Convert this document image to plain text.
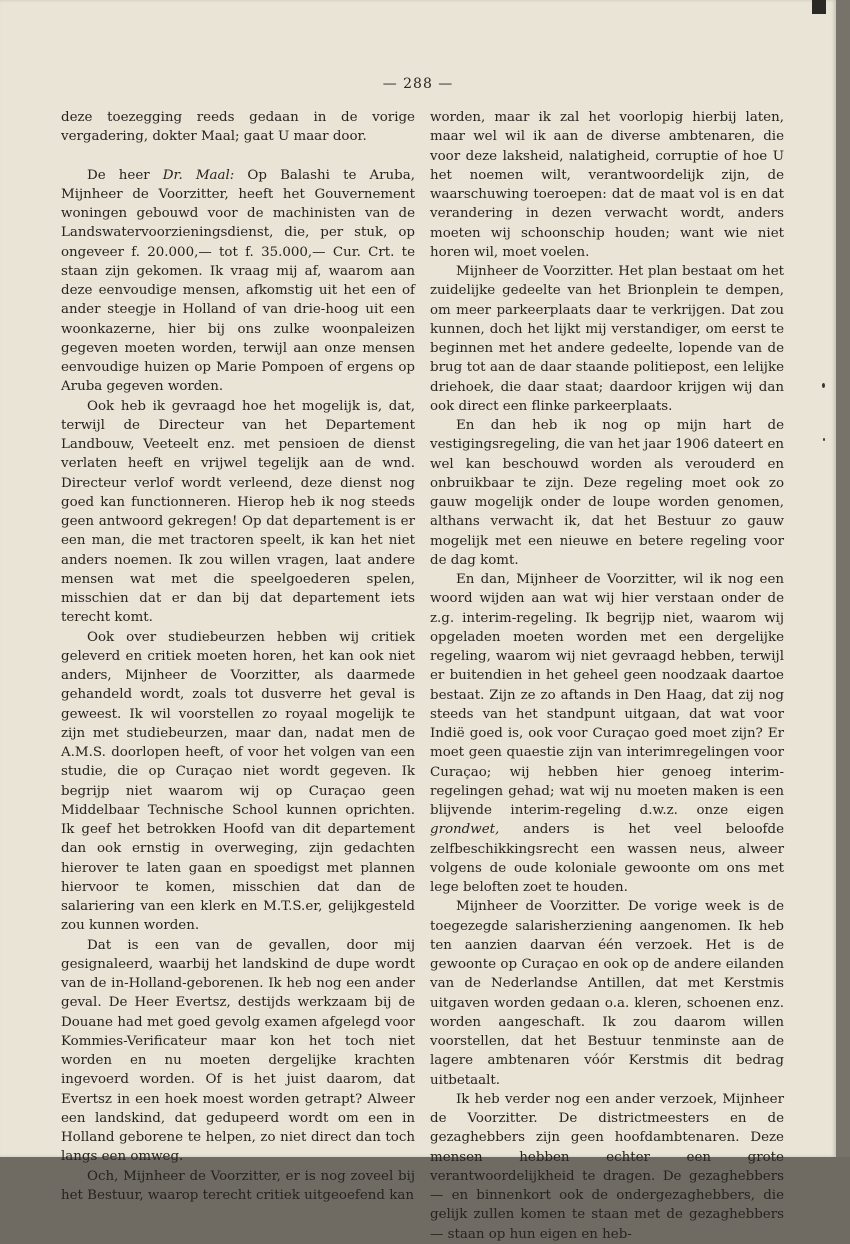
— 288 —

deze toezegging reeds gedaan in de vorige vergadering, dokter Maal; gaat U maar door.

De heer Dr. Maal: Op Balashi te Aruba, Mijnheer de Voorzitter, heeft het Gouvernement woningen gebouwd voor de machinisten van de Landswatervoorzieningsdienst, die, per stuk, op ongeveer f. 20.000,— tot f. 35.000,— Cur. Crt. te staan zijn gekomen. Ik vraag mij af, waarom aan deze eenvoudige mensen, afkomstig uit het een of ander steegje in Holland of van drie-hoog uit een woonkazerne, hier bij ons zulke woonpaleizen gegeven moeten worden, terwijl aan onze mensen eenvoudige huizen op Marie Pompoen of ergens op Aruba gegeven worden.

Ook heb ik gevraagd hoe het mogelijk is, dat, terwijl de Directeur van het Departement Landbouw, Veeteelt enz. met pensioen de dienst verlaten heeft en vrijwel tegelijk aan de wnd. Directeur verlof wordt verleend, deze dienst nog goed kan functionneren. Hierop heb ik nog steeds geen antwoord gekregen! Op dat departement is er een man, die met tractoren speelt, ik kan het niet anders noemen. Ik zou willen vragen, laat andere mensen wat met die speelgoederen spelen, misschien dat er dan bij dat departement iets terecht komt.

Ook over studiebeurzen hebben wij critiek geleverd en critiek moeten horen, het kan ook niet anders, Mijnheer de Voorzitter, als daarmede gehandeld wordt, zoals tot dusverre het geval is geweest. Ik wil voorstellen zo royaal mogelijk te zijn met studiebeurzen, maar dan, nadat men de A.M.S. doorlopen heeft, of voor het volgen van een studie, die op Curaçao niet wordt gegeven. Ik begrijp niet waarom wij op Curaçao geen Middelbaar Technische School kunnen oprichten. Ik geef het betrokken Hoofd van dit departement dan ook ernstig in overweging, zijn gedachten hierover te laten gaan en spoedigst met plannen hiervoor te komen, misschien dat dan de salariering van een klerk en M.T.S.er, gelijkgesteld zou kunnen worden.

Dat is een van de gevallen, door mij gesignaleerd, waarbij het landskind de dupe wordt van de in-Holland-geborenen. Ik heb nog een ander geval. De Heer Evertsz, destijds werkzaam bij de Douane had met goed gevolg examen afgelegd voor Kommies-Verificateur maar kon het toch niet worden en nu moeten dergelijke krachten ingevoerd worden. Of is het juist daarom, dat Evertsz in een hoek moest worden getrapt? Alweer een landskind, dat gedupeerd wordt om een in Holland geborene te helpen, zo niet direct dan toch langs een omweg.

Och, Mijnheer de Voorzitter, er is nog zoveel bij het Bestuur, waarop terecht critiek uitgeoefend kan

worden, maar ik zal het voorlopig hierbij laten, maar wel wil ik aan de diverse ambtenaren, die voor deze laksheid, nalatigheid, corruptie of hoe U het noemen wilt, verantwoordelijk zijn, de waarschuwing toeroepen: dat de maat vol is en dat verandering in dezen verwacht wordt, anders moeten wij schoonschip houden; want wie niet horen wil, moet voelen.

Mijnheer de Voorzitter. Het plan bestaat om het zuidelijke gedeelte van het Brionplein te dempen, om meer parkeerplaats daar te verkrijgen. Dat zou kunnen, doch het lijkt mij verstandiger, om eerst te beginnen met het andere gedeelte, lopende van de brug tot aan de daar staande politiepost, een lelijke driehoek, die daar staat; daardoor krijgen wij dan ook direct een flinke parkeerplaats.

En dan heb ik nog op mijn hart de vestigingsregeling, die van het jaar 1906 dateert en wel kan beschouwd worden als verouderd en onbruikbaar te zijn. Deze regeling moet ook zo gauw mogelijk onder de loupe worden genomen, althans verwacht ik, dat het Bestuur zo gauw mogelijk met een nieuwe en betere regeling voor de dag komt.

En dan, Mijnheer de Voorzitter, wil ik nog een woord wijden aan wat wij hier verstaan onder de z.g. interim-regeling. Ik begrijp niet, waarom wij opgeladen moeten worden met een dergelijke regeling, waarom wij niet gevraagd hebben, terwijl er buitendien in het geheel geen noodzaak daartoe bestaat. Zijn ze zo aftands in Den Haag, dat zij nog steeds van het standpunt uitgaan, dat wat voor Indië goed is, ook voor Curaçao goed moet zijn? Er moet geen quaestie zijn van interimregelingen voor Curaçao; wij hebben hier genoeg interim-regelingen gehad; wat wij nu moeten maken is een blijvende interim-regeling d.w.z. onze eigen grondwet, anders is het veel beloofde zelfbeschikkingsrecht een wassen neus, alweer volgens de oude koloniale gewoonte om ons met lege beloften zoet te houden.

Mijnheer de Voorzitter. De vorige week is de toegezegde salarisherziening aangenomen. Ik heb ten aanzien daarvan één verzoek. Het is de gewoonte op Curaçao en ook op de andere eilanden van de Nederlandse Antillen, dat met Kerstmis uitgaven worden gedaan o.a. kleren, schoenen enz. worden aangeschaft. Ik zou daarom willen voorstellen, dat het Bestuur tenminste aan de lagere ambtenaren vóór Kerstmis dit bedrag uitbetaalt.

Ik heb verder nog een ander verzoek, Mijnheer de Voorzitter. De districtmeesters en de gezaghebbers zijn geen hoofdambtenaren. Deze mensen hebben echter een grote verantwoordelijkheid te dragen. De gezaghebbers — en binnenkort ook de ondergezaghebbers, die gelijk zullen komen te staan met de gezaghebbers — staan op hun eigen en heb-
